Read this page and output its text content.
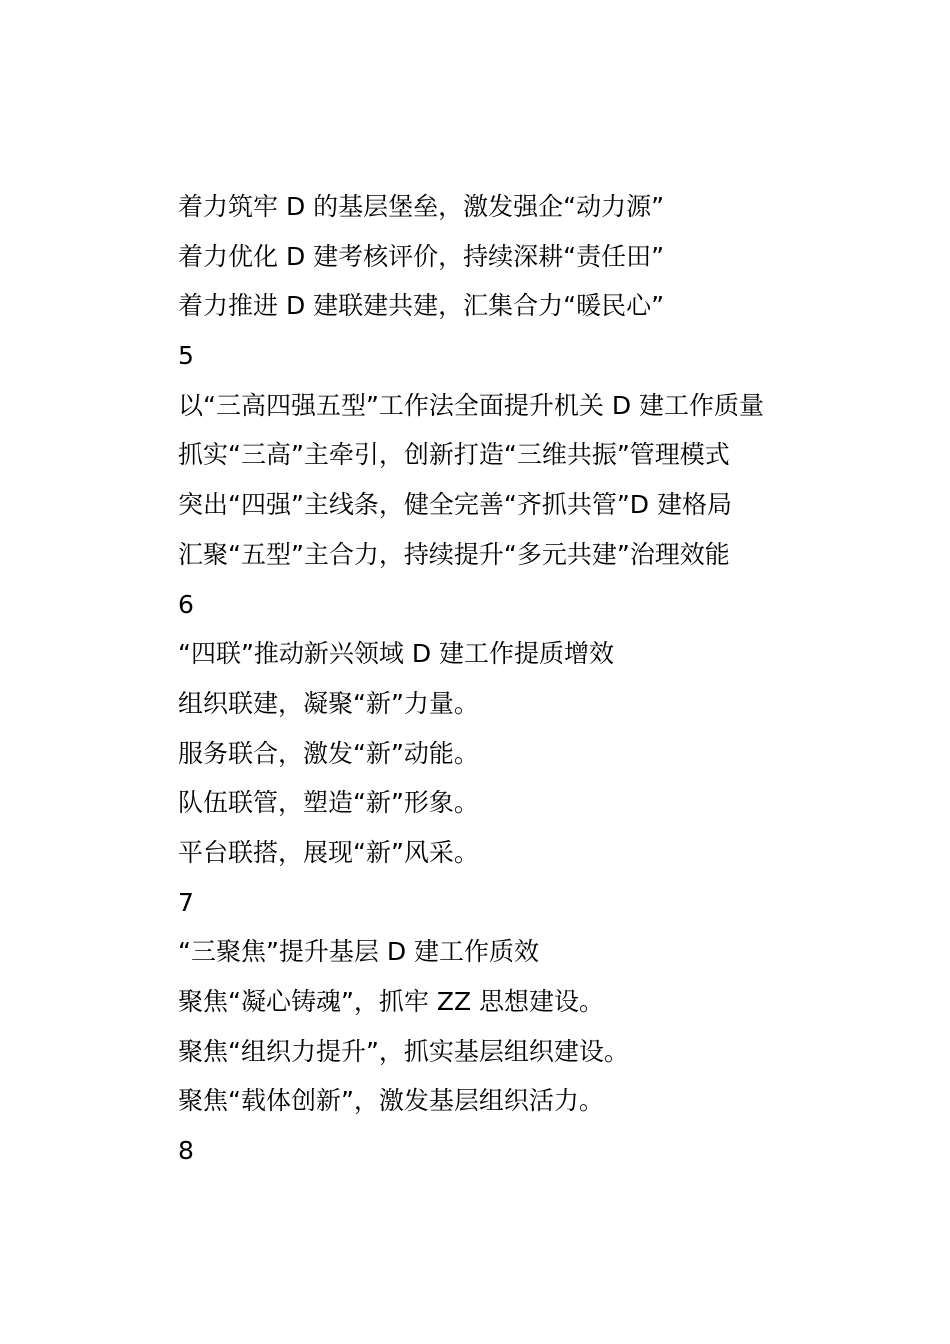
着力筑牢 D 的基层堡垒，激发强企“动力源”
着力优化 D 建考核评价，持续深耕“责任田”
着力推进 D 建联建共建，汇集合力“暖民心”
5
以“三高四强五型”工作法全面提升机关 D 建工作质量
抓实“三高”主牵引，创新打造“三维共振”管理模式
突出“四强”主线条，健全完善“齐抓共管”D 建格局
汇聚“五型”主合力，持续提升“多元共建”治理效能
6
“四联”推动新兴领域 D 建工作提质增效
组织联建，凝聚“新”力量。
服务联合，激发“新”动能。
队伍联管，塑造“新”形象。
平台联搭，展现“新”风采。
7
“三聚焦”提升基层 D 建工作质效
聚焦“凝心铸魂”，抓牢 ZZ 思想建设。
聚焦“组织力提升”，抓实基层组织建设。
聚焦“载体创新”，激发基层组织活力。
8
